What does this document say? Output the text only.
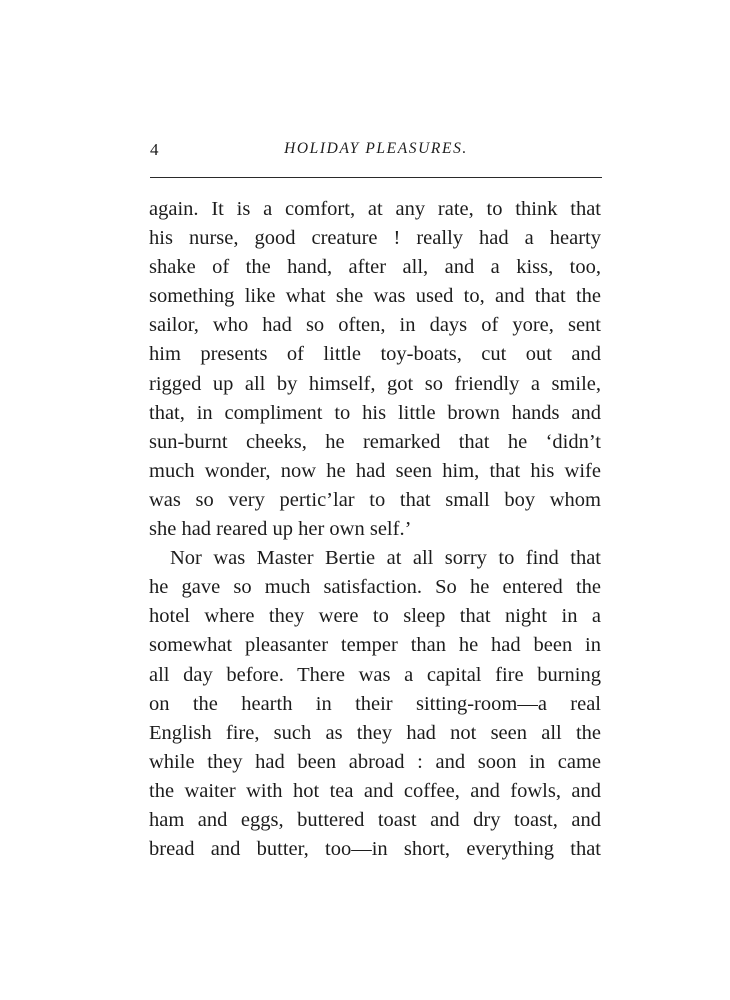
4	HOLIDAY PLEASURES.
again. It is a comfort, at any rate, to think that
his nurse, good creature ! really had a hearty
shake of the hand, after all, and a kiss, too,
something like what she was used to, and that the
sailor, who had so often, in days of yore, sent
him presents of little toy-boats, cut out and
rigged up all by himself, got so friendly a smile,
that, in compliment to his little brown hands and
sun-burnt cheeks, he remarked that he ‘didn’t
much wonder, now he had seen him, that his wife
was so very pertic’lar to that small boy whom
she had reared up her own self.’
Nor was Master Bertie at all sorry to find that
he gave so much satisfaction. So he entered the
hotel where they were to sleep that night in a
somewhat pleasanter temper than he had been in
all day before. There was a capital fire burning
on the hearth in their sitting-room—a real
English fire, such as they had not seen all the
while they had been abroad : and soon in came
the waiter with hot tea and coffee, and fowls, and
ham and eggs, buttered toast and dry toast, and
bread and butter, too—in short, everything that
